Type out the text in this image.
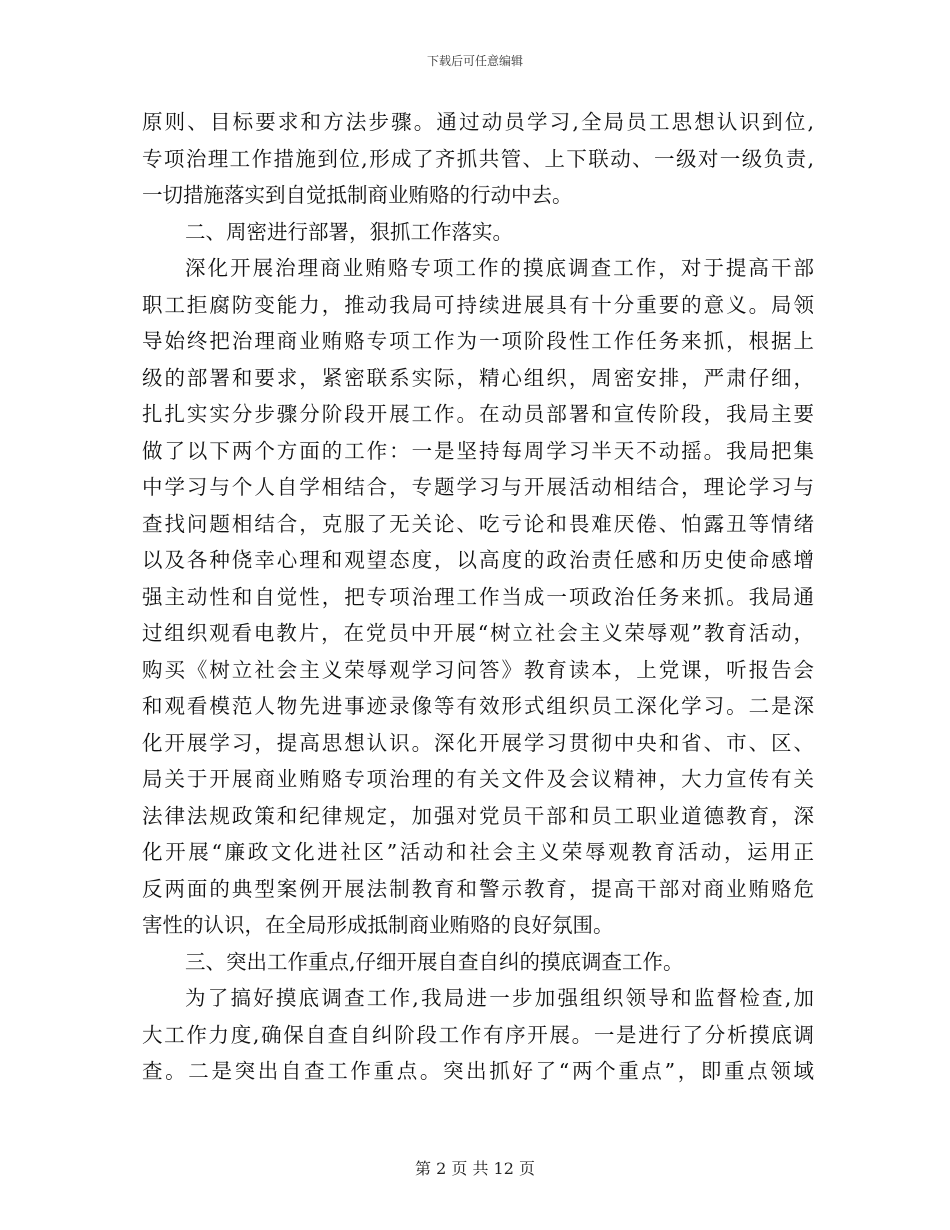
下载后可任意编辑
原则、目标要求和方法步骤。通过动员学习,全局员工思想认识到位,
专项治理工作措施到位,形成了齐抓共管、上下联动、一级对一级负责,
一切措施落实到自觉抵制商业贿赂的行动中去。
二、周密进行部署，狠抓工作落实。
深化开展治理商业贿赂专项工作的摸底调查工作，对于提高干部
职工拒腐防变能力，推动我局可持续进展具有十分重要的意义。局领
导始终把治理商业贿赂专项工作为一项阶段性工作任务来抓，根据上
级的部署和要求，紧密联系实际，精心组织，周密安排，严肃仔细，
扎扎实实分步骤分阶段开展工作。在动员部署和宣传阶段，我局主要
做了以下两个方面的工作：一是坚持每周学习半天不动摇。我局把集
中学习与个人自学相结合，专题学习与开展活动相结合，理论学习与
查找问题相结合，克服了无关论、吃亏论和畏难厌倦、怕露丑等情绪
以及各种侥幸心理和观望态度，以高度的政治责任感和历史使命感增
强主动性和自觉性，把专项治理工作当成一项政治任务来抓。我局通
过组织观看电教片，在党员中开展“树立社会主义荣辱观”教育活动，
购买《树立社会主义荣辱观学习问答》教育读本，上党课，听报告会
和观看模范人物先进事迹录像等有效形式组织员工深化学习。二是深
化开展学习，提高思想认识。深化开展学习贯彻中央和省、市、区、
局关于开展商业贿赂专项治理的有关文件及会议精神，大力宣传有关
法律法规政策和纪律规定，加强对党员干部和员工职业道德教育，深
化开展“廉政文化进社区”活动和社会主义荣辱观教育活动，运用正
反两面的典型案例开展法制教育和警示教育，提高干部对商业贿赂危
害性的认识，在全局形成抵制商业贿赂的良好氛围。
三、突出工作重点,仔细开展自查自纠的摸底调查工作。
为了搞好摸底调查工作,我局进一步加强组织领导和监督检查,加
大工作力度,确保自查自纠阶段工作有序开展。一是进行了分析摸底调
查。二是突出自查工作重点。突出抓好了“两个重点”，即重点领域
第 2 页 共 12 页
